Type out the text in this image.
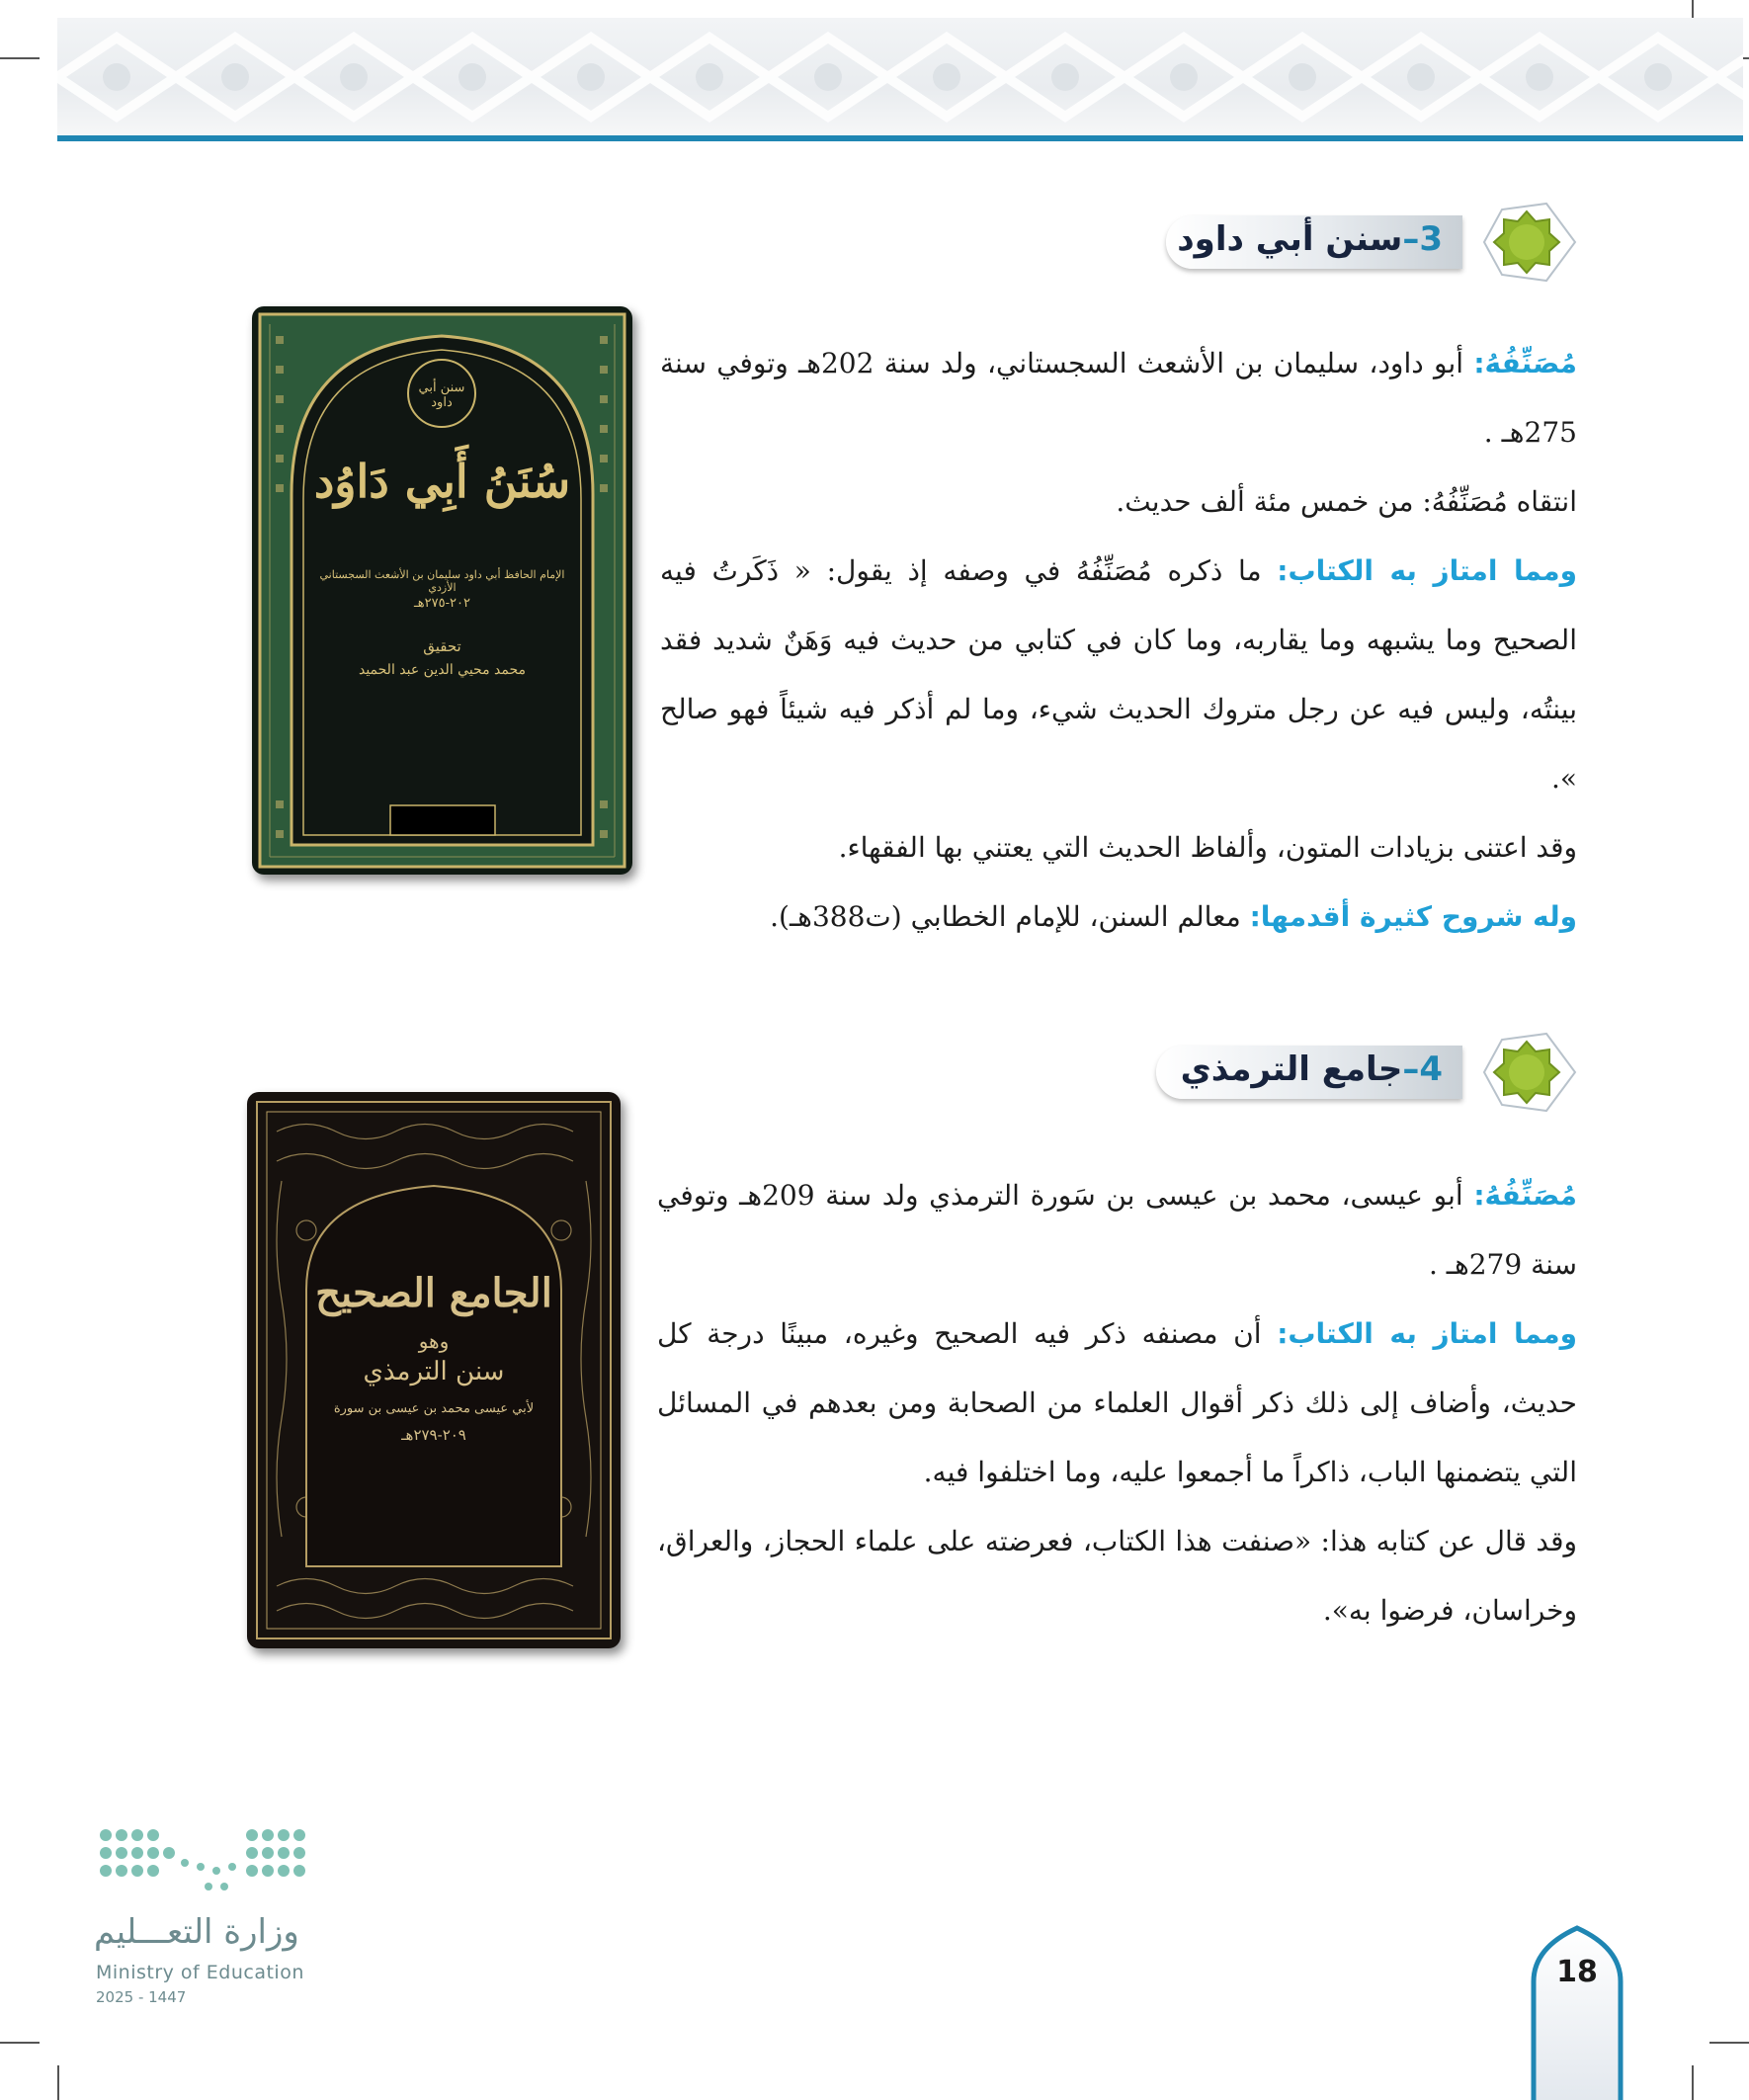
3–سنن أبي داود
سنن أبي داود
سُنَنُ أَبِي دَاوُد
الإمام الحافظ أبي داود سليمان بن الأشعث السجستاني الأزدي
٢٠٢-٢٧٥هـ
تحقيق
محمد محيي الدين عبد الحميد

مُصَنِّفُهُ: أبو داود، سليمان بن الأشعث السجستاني، ولد سنة 202هـ وتوفي سنة 275هـ .

انتقاه مُصَنِّفُهُ: من خمس مئة ألف حديث.

ومما امتاز به الكتاب: ما ذكره مُصَنِّفُهُ في وصفه إذ يقول: « ذَكَرتُ فيه الصحيح وما يشبهه وما يقاربه، وما كان في كتابي من حديث فيه وَهَنٌ شديد فقد بينتُه، وليس فيه عن رجل متروك الحديث شيء، وما لم أذكر فيه شيئاً فهو صالح ».

وقد اعتنى بزيادات المتون، وألفاظ الحديث التي يعتني بها الفقهاء.

وله شروح كثيرة أقدمها: معالم السنن، للإمام الخطابي (ت388هـ).

4–جامع الترمذي
الجامع الصحيح
وهو
سنن الترمذي
لأبي عيسى محمد بن عيسى بن سورة
٢٠٩-٢٧٩هـ

مُصَنِّفُهُ: أبو عيسى، محمد بن عيسى بن سَورة الترمذي ولد سنة 209هـ وتوفي سنة 279هـ .

ومما امتاز به الكتاب: أن مصنفه ذكر فيه الصحيح وغيره، مبينًا درجة كل حديث، وأضاف إلى ذلك ذكر أقوال العلماء من الصحابة ومن بعدهم في المسائل التي يتضمنها الباب، ذاكراً ما أجمعوا عليه، وما اختلفوا فيه.

وقد قال عن كتابه هذا: «صنفت هذا الكتاب، فعرضته على علماء الحجاز، والعراق، وخراسان، فرضوا به».

وزارة التعـــليم
Ministry of Education
2025 - 1447
18
